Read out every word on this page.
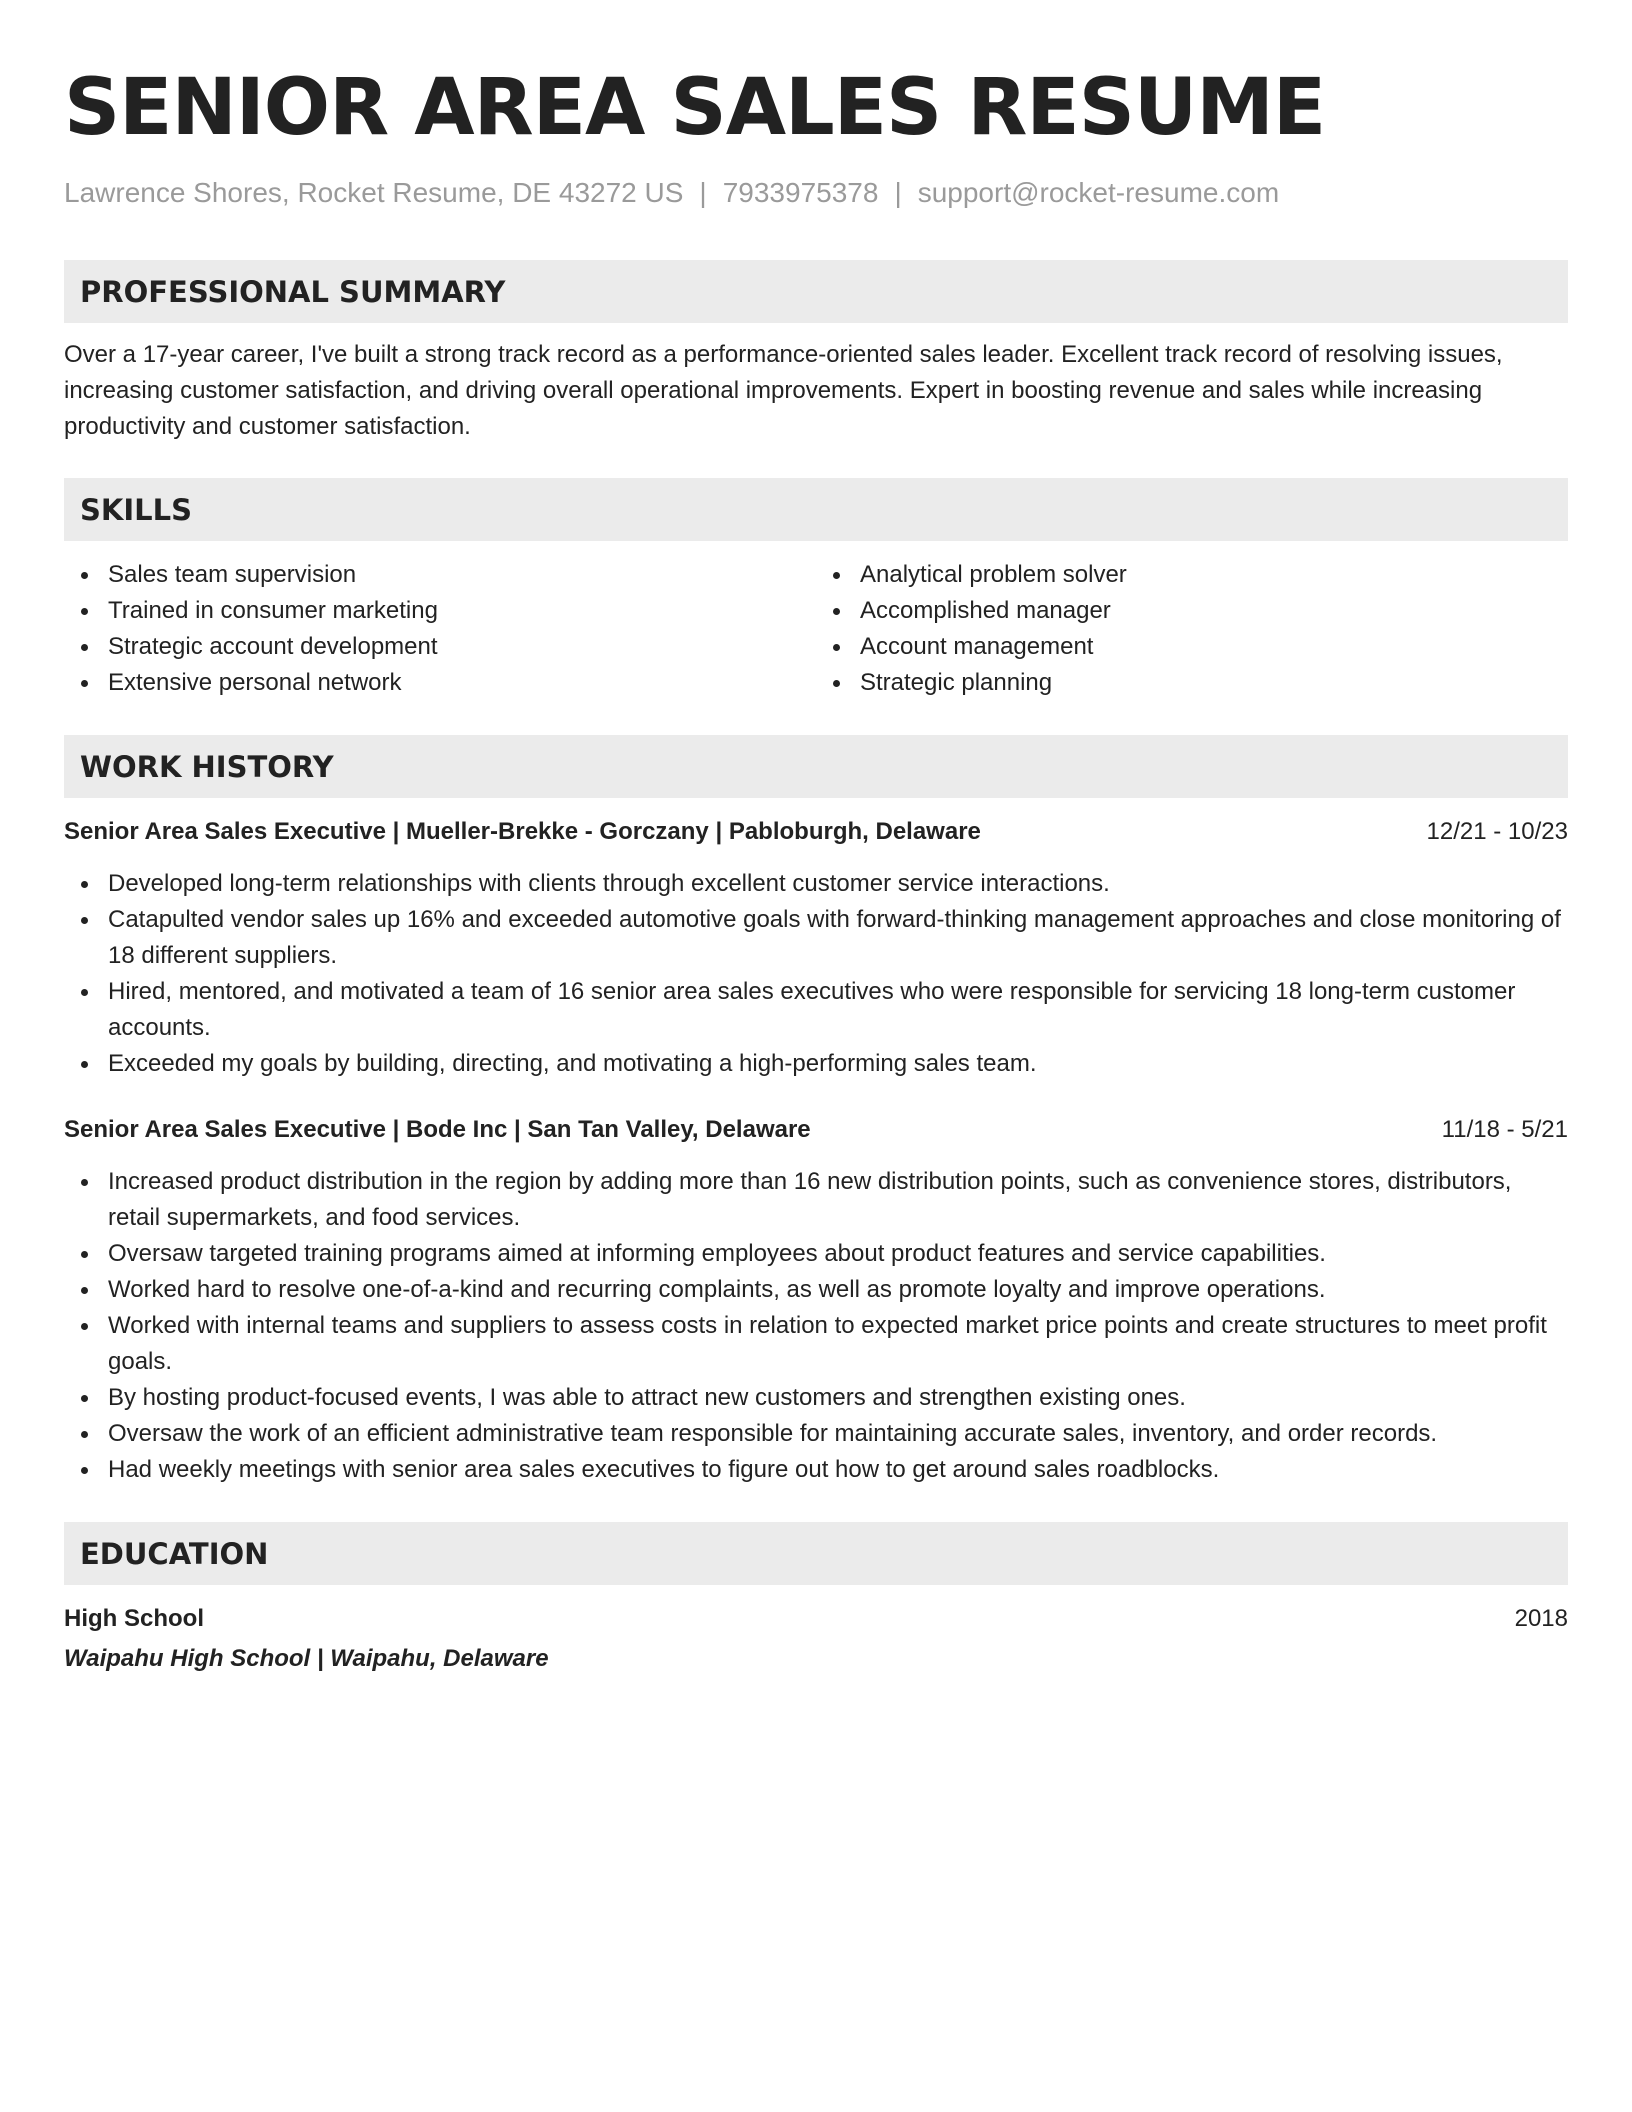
SENIOR AREA SALES RESUME
Lawrence Shores, Rocket Resume, DE 43272 US | 7933975378 | support@rocket-resume.com
PROFESSIONAL SUMMARY

Over a 17-year career, I've built a strong track record as a performance-oriented sales leader. Excellent track record of resolving issues, increasing customer satisfaction, and driving overall operational improvements. Expert in boosting revenue and sales while increasing productivity and customer satisfaction.

SKILLS
Sales team supervision
Trained in consumer marketing
Strategic account development
Extensive personal network
Analytical problem solver
Accomplished manager
Account management
Strategic planning
WORK HISTORY
Senior Area Sales Executive | Mueller-Brekke - Gorczany | Pabloburgh, Delaware	12/21 - 10/23
Developed long-term relationships with clients through excellent customer service interactions.
Catapulted vendor sales up 16% and exceeded automotive goals with forward-thinking management approaches and close monitoring of 18 different suppliers.
Hired, mentored, and motivated a team of 16 senior area sales executives who were responsible for servicing 18 long-term customer accounts.
Exceeded my goals by building, directing, and motivating a high-performing sales team.
Senior Area Sales Executive | Bode Inc | San Tan Valley, Delaware	11/18 - 5/21
Increased product distribution in the region by adding more than 16 new distribution points, such as convenience stores, distributors, retail supermarkets, and food services.
Oversaw targeted training programs aimed at informing employees about product features and service capabilities.
Worked hard to resolve one-of-a-kind and recurring complaints, as well as promote loyalty and improve operations.
Worked with internal teams and suppliers to assess costs in relation to expected market price points and create structures to meet profit goals.
By hosting product-focused events, I was able to attract new customers and strengthen existing ones.
Oversaw the work of an efficient administrative team responsible for maintaining accurate sales, inventory, and order records.
Had weekly meetings with senior area sales executives to figure out how to get around sales roadblocks.
EDUCATION
High School	2018
Waipahu High School | Waipahu, Delaware
